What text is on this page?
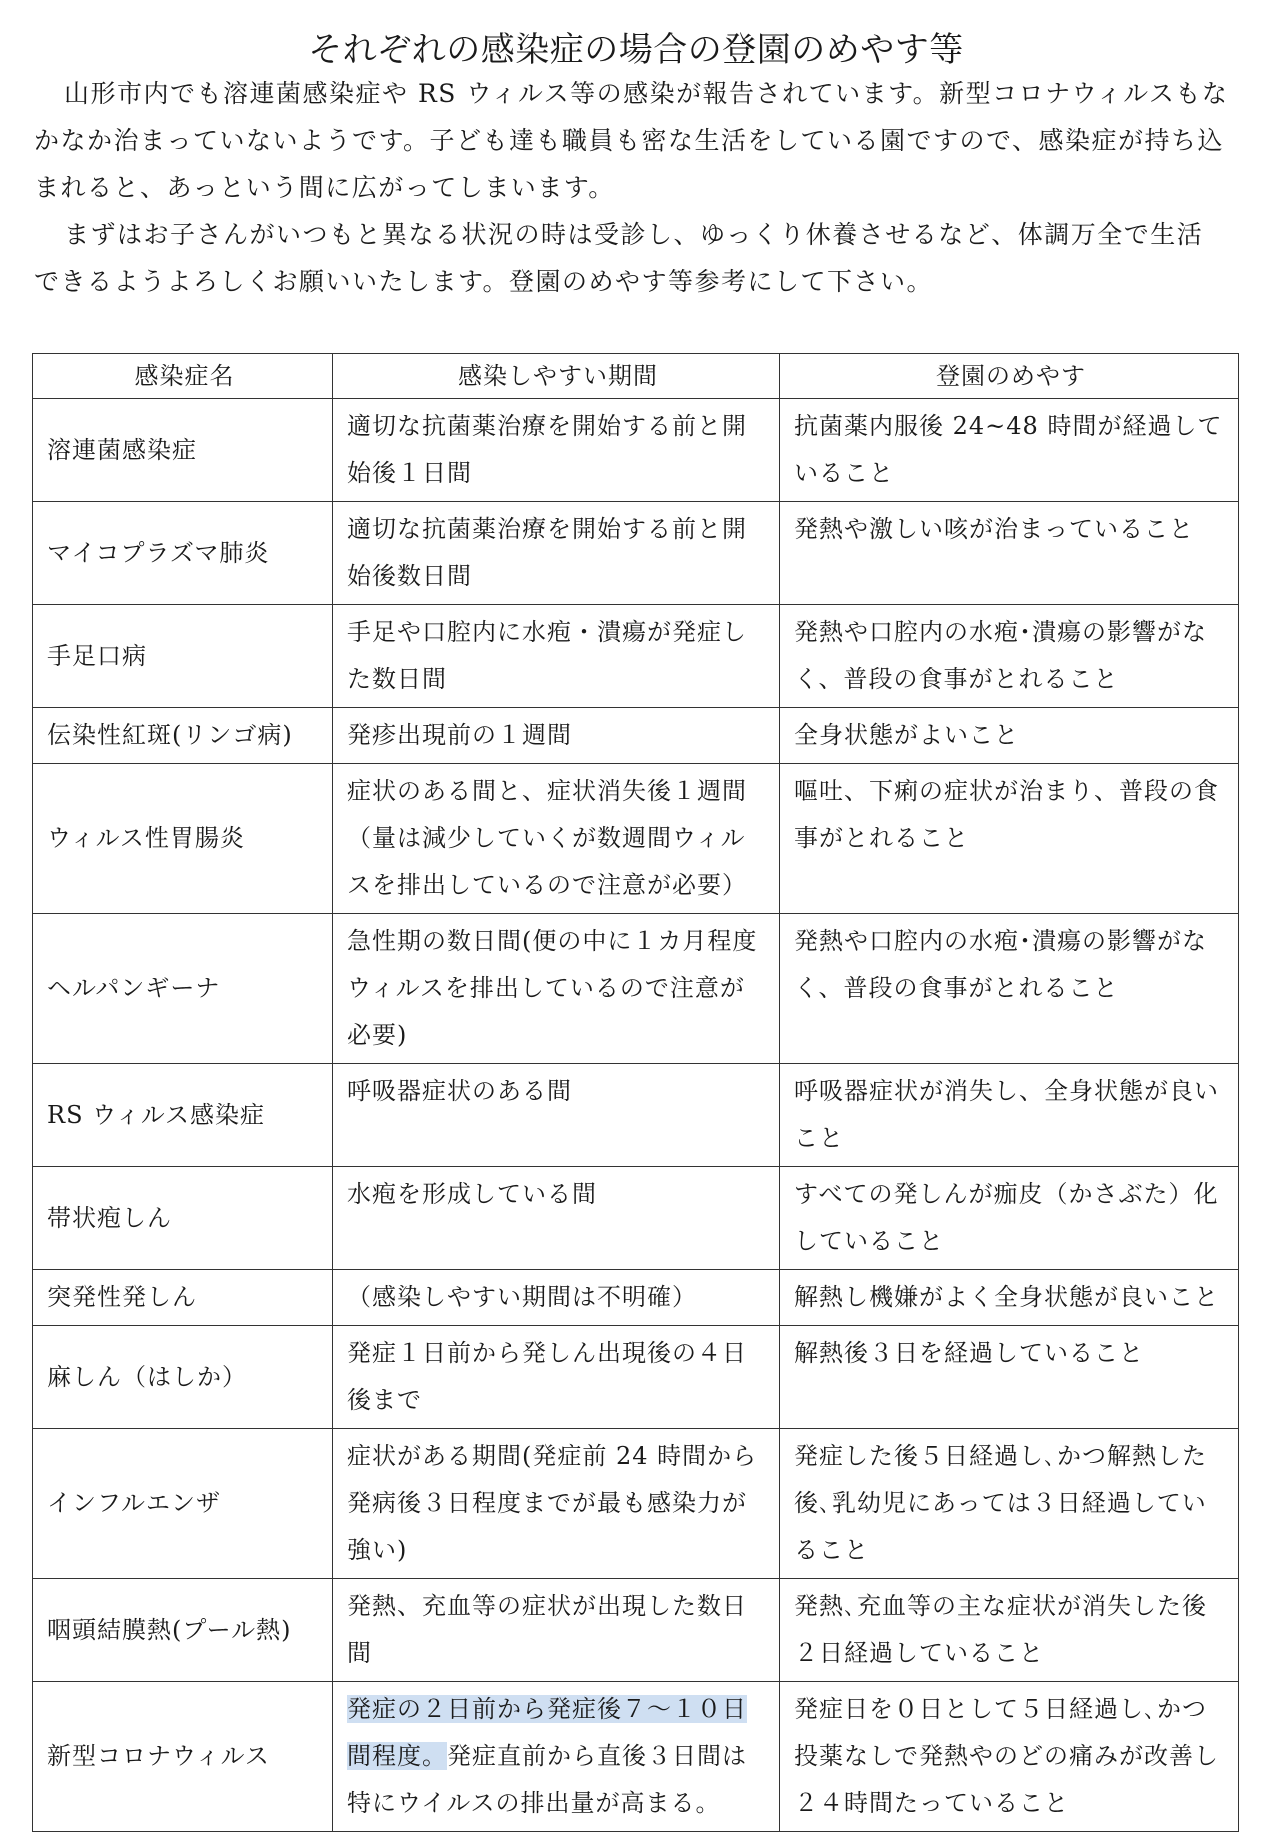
それぞれの感染症の場合の登園のめやす等

山形市内でも溶連菌感染症や RS ウィルス等の感染が報告されています。新型コロナウィルスもなかなか治まっていないようです。子ども達も職員も密な生活をしている園ですので、感染症が持ち込まれると、あっという間に広がってしまいます。

まずはお子さんがいつもと異なる状況の時は受診し、ゆっくり休養させるなど、体調万全で生活できるようよろしくお願いいたします。登園のめやす等参考にして下さい。

感染症名	感染しやすい期間	登園のめやす
溶連菌感染症	適切な抗菌薬治療を開始する前と開始後１日間	抗菌薬内服後 24~48 時間が経過していること
マイコプラズマ肺炎	適切な抗菌薬治療を開始する前と開始後数日間	発熱や激しい咳が治まっていること
手足口病	手足や口腔内に水疱・潰瘍が発症した数日間	発熱や口腔内の水疱･潰瘍の影響がなく、普段の食事がとれること
伝染性紅斑(リンゴ病)	発疹出現前の１週間	全身状態がよいこと
ウィルス性胃腸炎	症状のある間と、症状消失後１週間（量は減少していくが数週間ウィルスを排出しているので注意が必要）	嘔吐、下痢の症状が治まり、普段の食事がとれること
ヘルパンギーナ	急性期の数日間(便の中に１カ月程度ウィルスを排出しているので注意が必要)	発熱や口腔内の水疱･潰瘍の影響がなく、普段の食事がとれること
RS ウィルス感染症	呼吸器症状のある間	呼吸器症状が消失し、全身状態が良いこと
帯状疱しん	水疱を形成している間	すべての発しんが痂皮（かさぶた）化していること
突発性発しん	（感染しやすい期間は不明確）	解熱し機嫌がよく全身状態が良いこと
麻しん（はしか）	発症１日前から発しん出現後の４日後まで	解熱後３日を経過していること
インフルエンザ	症状がある期間(発症前 24 時間から発病後３日程度までが最も感染力が強い)	発症した後５日経過し､かつ解熱した後､乳幼児にあっては３日経過していること
咽頭結膜熱(プール熱)	発熱、充血等の症状が出現した数日間	発熱､充血等の主な症状が消失した後２日経過していること
新型コロナウィルス	発症の２日前から発症後７～１０日間程度。発症直前から直後３日間は特にウイルスの排出量が高まる。	発症日を０日として５日経過し､かつ投薬なしで発熱やのどの痛みが改善し２４時間たっていること
